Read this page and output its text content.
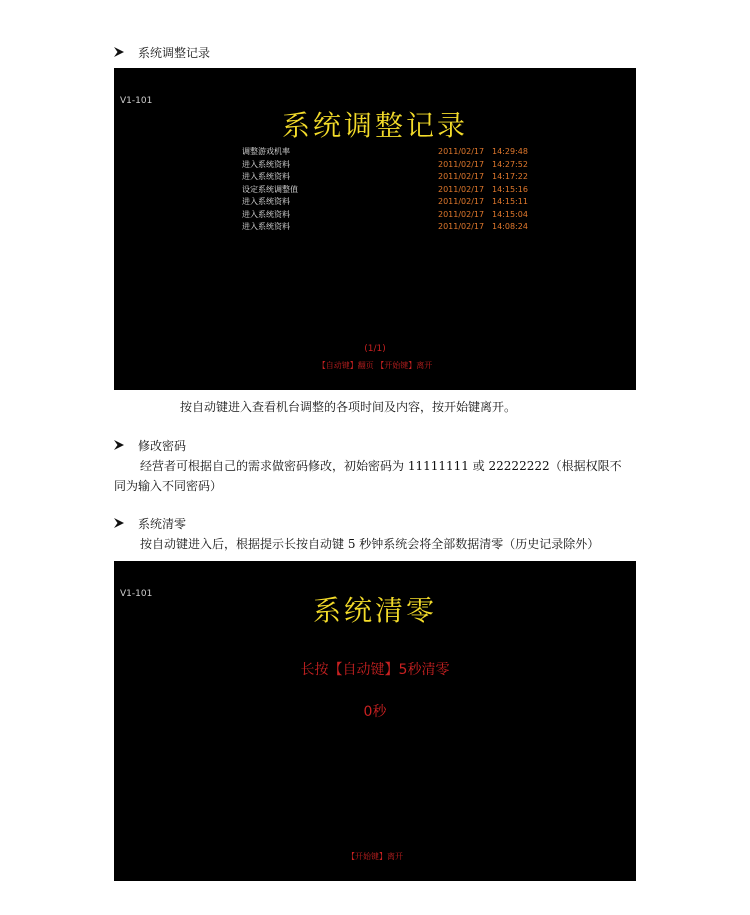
系统调整记录
V1-101
系统调整记录
调整游戏机率	2011/02/17 14:29:48
进入系统资料	2011/02/17 14:27:52
进入系统资料	2011/02/17 14:17:22
设定系统调整值	2011/02/17 14:15:16
进入系统资料	2011/02/17 14:15:11
进入系统资料	2011/02/17 14:15:04
进入系统资料	2011/02/17 14:08:24
(1/1)
【自动键】翻页 【开始键】离开
按自动键进入查看机台调整的各项时间及内容，按开始键离开。
修改密码
经营者可根据自己的需求做密码修改，初始密码为 11111111 或 22222222（根据权限不
同为输入不同密码）
系统清零
按自动键进入后，根据提示长按自动键 5 秒钟系统会将全部数据清零（历史记录除外）
V1-101	系统清零
长按【自动键】5秒清零
0秒
【开始键】离开
